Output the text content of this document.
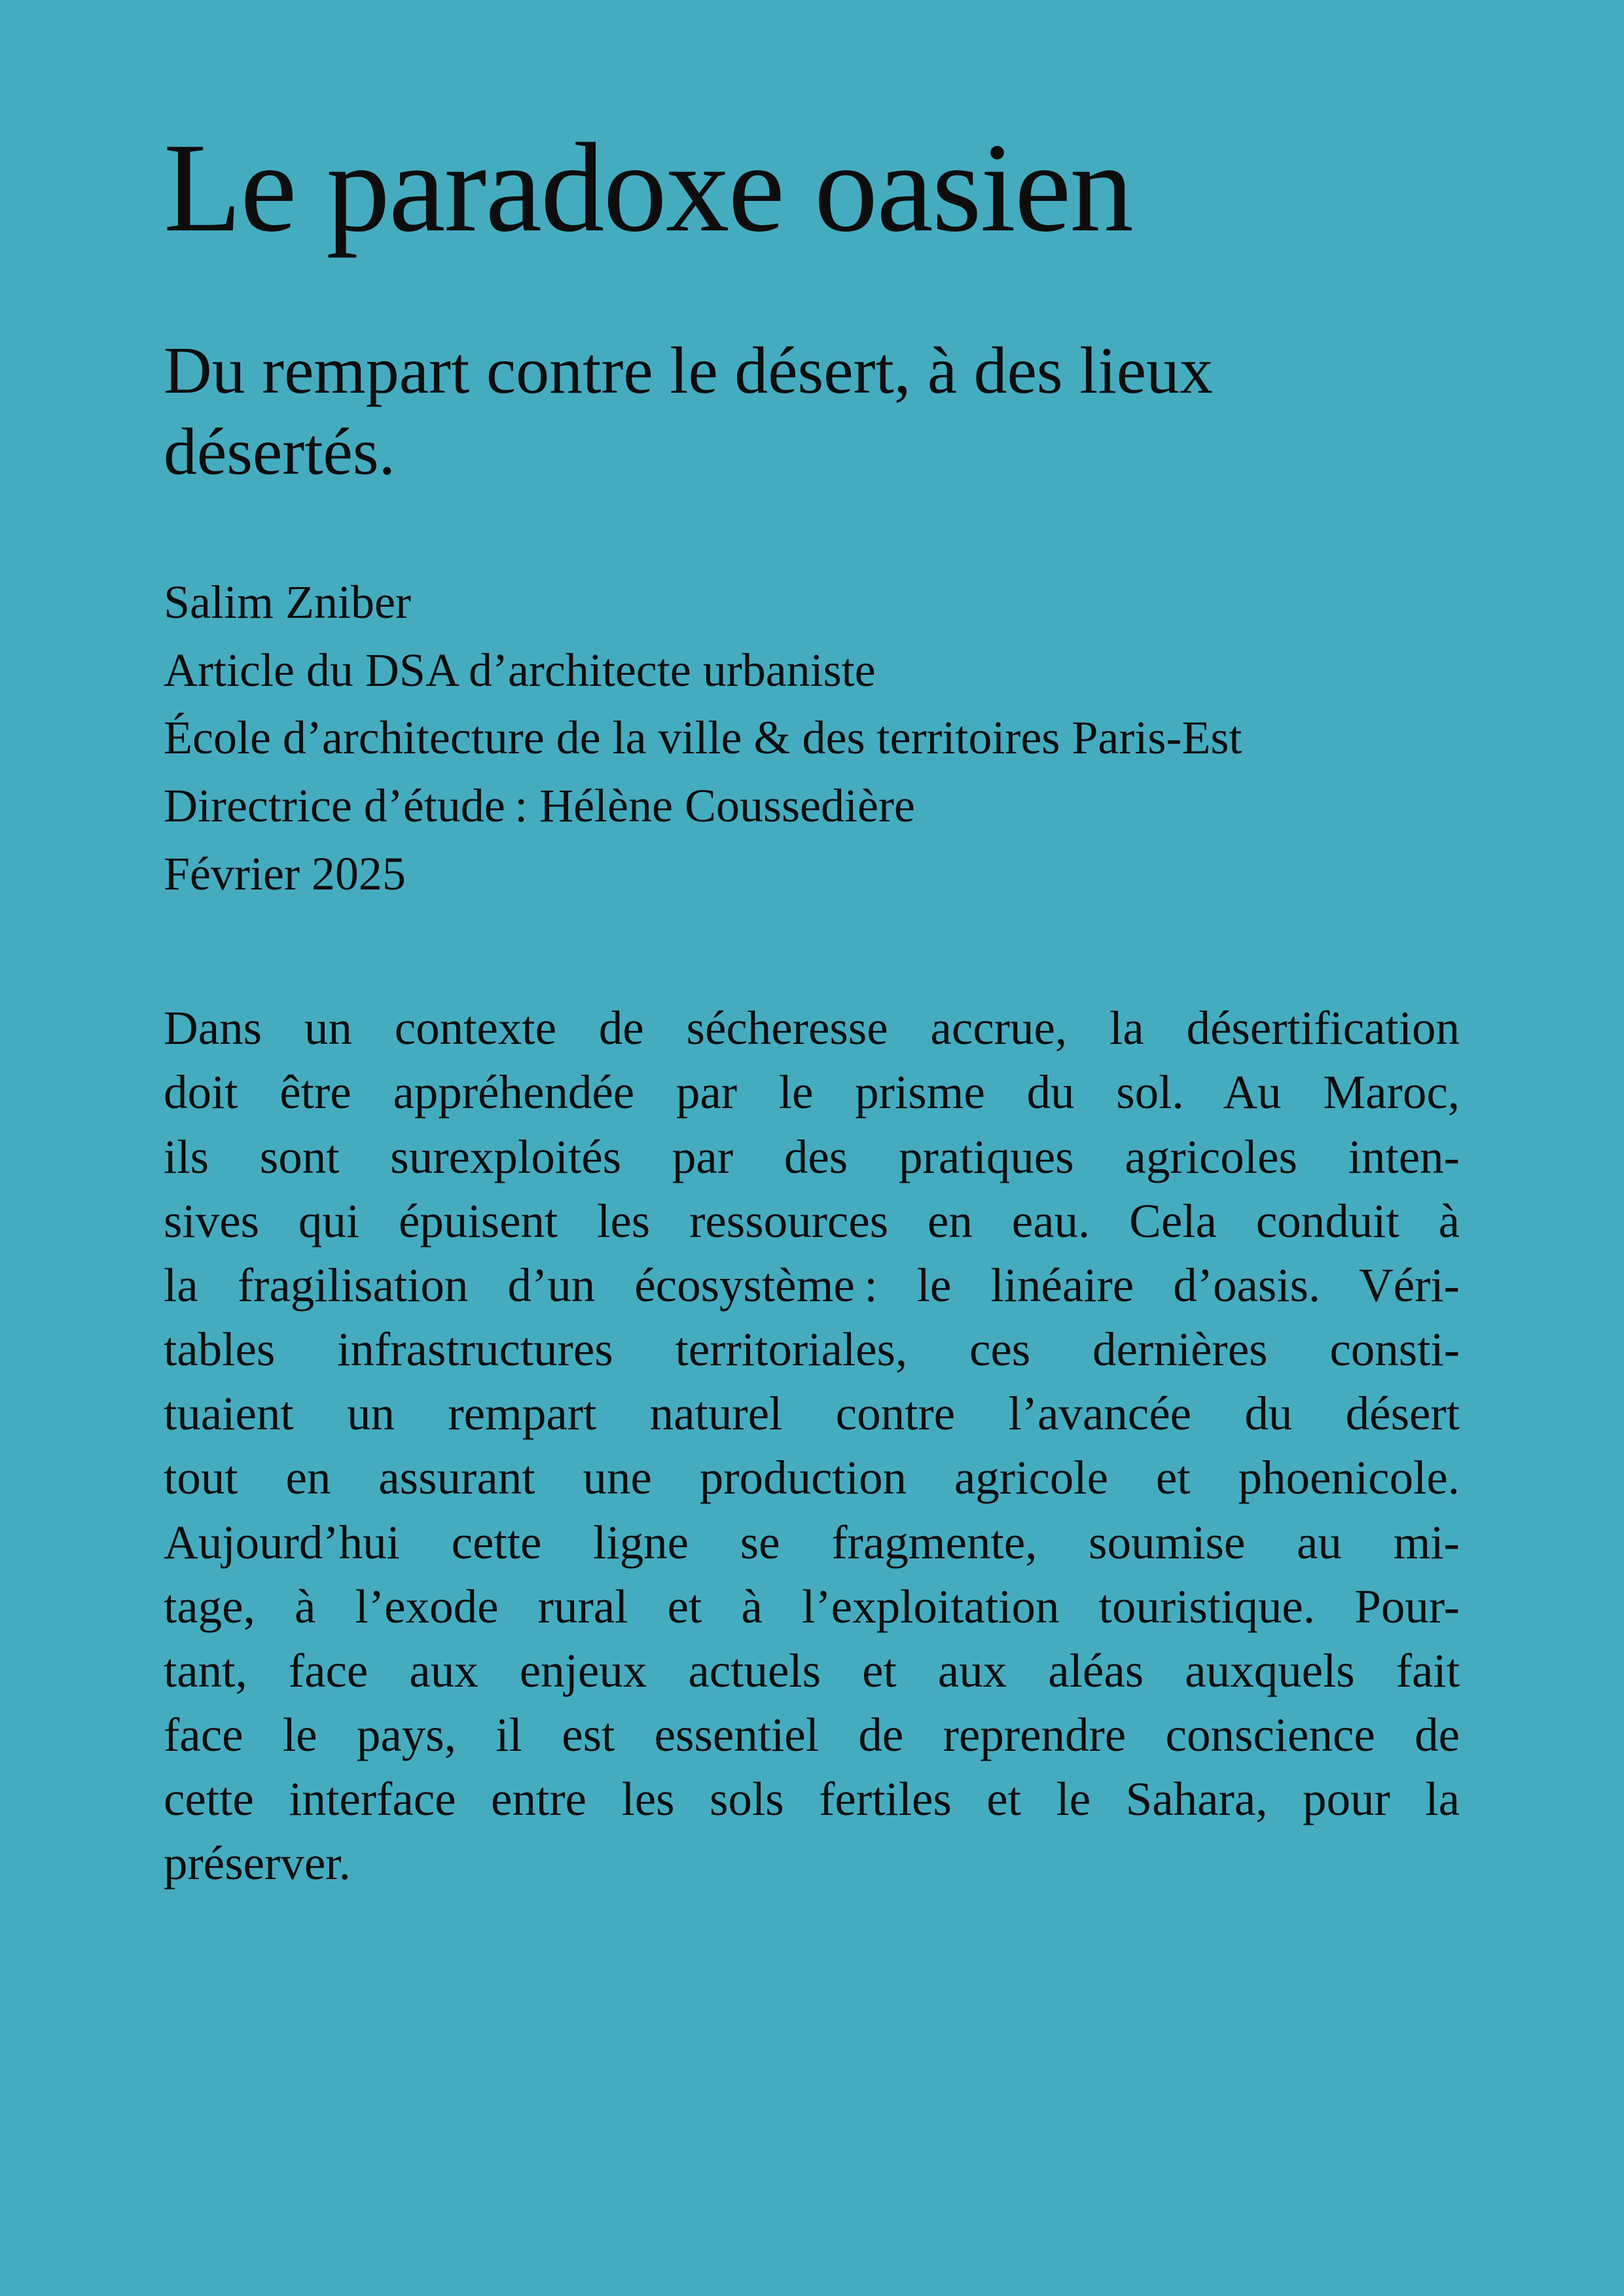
Le paradoxe oasien
Du rempart contre le désert, à des lieux
désertés.
Salim Zniber
Article du DSA d’architecte urbaniste
École d’architecture de la ville & des territoires Paris-Est
Directrice d’étude : Hélène Coussedière
Février 2025
Dans un contexte de sécheresse accrue, la désertification
doit être appréhendée par le prisme du sol. Au Maroc,
ils sont surexploités par des pratiques agricoles inten-
sives qui épuisent les ressources en eau. Cela conduit à
la fragilisation d’un écosystème : le linéaire d’oasis. Véri-
tables infrastructures territoriales, ces dernières consti-
tuaient un rempart naturel contre l’avancée du désert
tout en assurant une production agricole et phoenicole.
Aujourd’hui cette ligne se fragmente, soumise au mi-
tage, à l’exode rural et à l’exploitation touristique. Pour-
tant, face aux enjeux actuels et aux aléas auxquels fait
face le pays, il est essentiel de reprendre conscience de
cette interface entre les sols fertiles et le Sahara, pour la
préserver.
